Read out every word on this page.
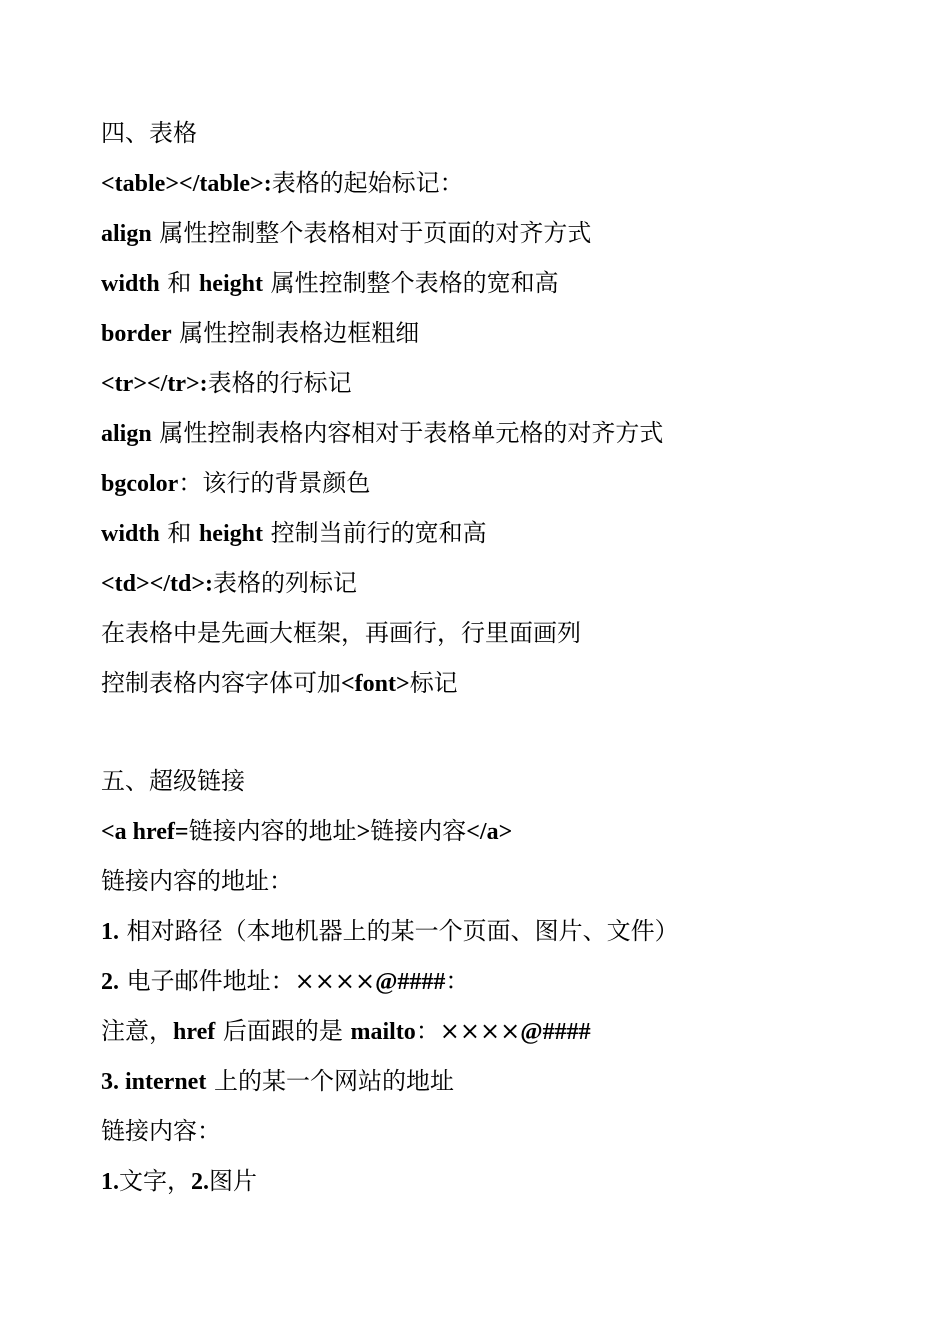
四、表格
<table></table>:表格的起始标记：
align 属性控制整个表格相对于页面的对齐方式
width 和 height 属性控制整个表格的宽和高
border 属性控制表格边框粗细
<tr></tr>:表格的行标记
align 属性控制表格内容相对于表格单元格的对齐方式
bgcolor：该行的背景颜色
width 和 height 控制当前行的宽和高
<td></td>:表格的列标记
在表格中是先画大框架，再画行，行里面画列
控制表格内容字体可加<font>标记
五、超级链接
<a href=链接内容的地址>链接内容</a>
链接内容的地址：
1. 相对路径（本地机器上的某一个页面、图片、文件）
2. 电子邮件地址：××××@####：
注意，href 后面跟的是 mailto：××××@####
3. internet 上的某一个网站的地址
链接内容：
1.文字，2.图片
